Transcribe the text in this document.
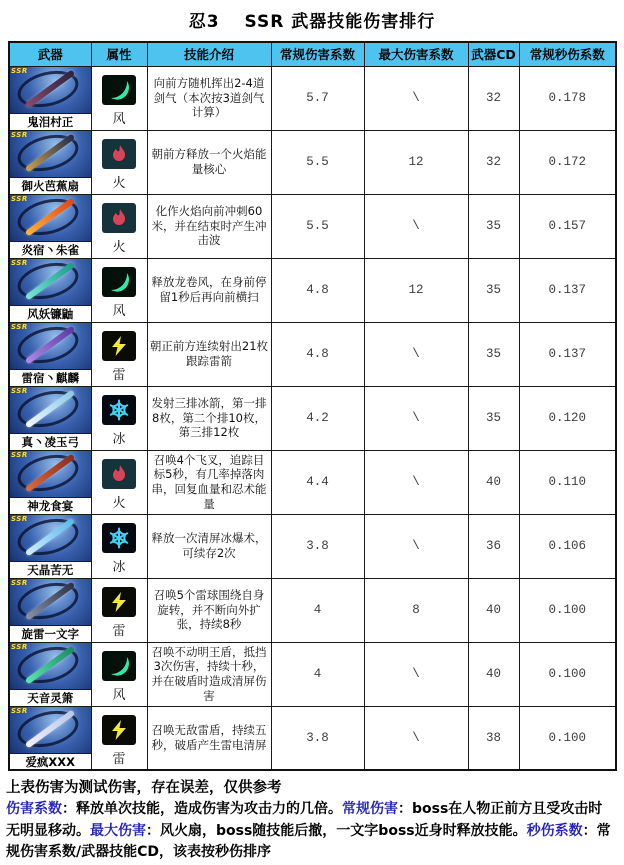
忍3　 SSR 武器技能伤害排行
武器	属性	技能介绍	常规伤害系数	最大伤害系数	武器CD	常规秒伤系数

SSR
鬼泪村正	风	向前方随机挥出2-4道剑气（本次按3道剑气计算）	5.7	\	32	0.178

SSR
御火芭蕉扇	火	朝前方释放一个火焰能量核心	5.5	12	32	0.172

SSR
炎宿丶朱雀	火	化作火焰向前冲刺60米，并在结束时产生冲击波	5.5	\	35	0.157

SSR
风妖镰鼬	风	释放龙卷风，在身前停留1秒后再向前横扫	4.8	12	35	0.137

SSR
雷宿丶麒麟	雷	朝正前方连续射出21枚跟踪雷箭	4.8	\	35	0.137

SSR
真丶凌玉弓	冰	发射三排冰箭，第一排8枚，第二个排10枚，第三排12枚	4.2	\	35	0.120

SSR
神龙食宴	火	召唤4个飞叉，追踪目标5秒，有几率掉落肉串，回复血量和忍术能量	4.4	\	40	0.110

SSR
天晶苦无	冰	释放一次清屏冰爆术，可续存2次	3.8	\	36	0.106

SSR
旋雷一文字	雷	召唤5个雷球围绕自身旋转，并不断向外扩张，持续8秒	4	8	40	0.100

SSR
天音灵箫	风	召唤不动明王盾，抵挡3次伤害，持续十秒，并在破盾时造成清屏伤害	4	\	40	0.100

SSR
爱疯XXX	雷	召唤无敌雷盾，持续五秒，破盾产生雷电清屏	3.8	\	38	0.100
上表伤害为测试伤害，存在误差，仅供参考
伤害系数：释放单次技能，造成伤害为攻击力的几倍。常规伤害：boss在人物正前方且受攻击时无明显移动。最大伤害：风火扇，boss随技能后撤，一文字boss近身时释放技能。秒伤系数：常规伤害系数/武器技能CD，该表按秒伤排序
